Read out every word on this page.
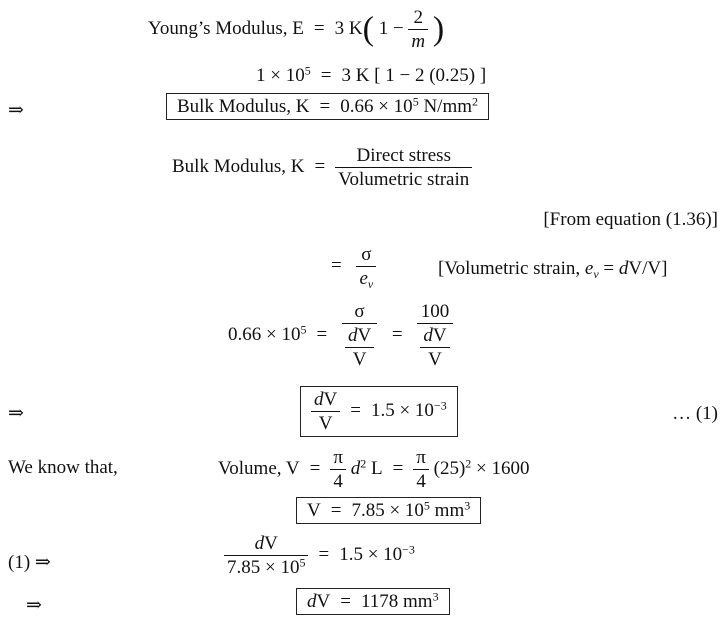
Young’s Modulus, E = 3 K( $1 - \frac{2}{m}$ )
$1 \times 10^5 = 3$ K [ 1 − 2 (0.25) ]
⇒	Bulk Modulus, $K = 0.66 \times 10^5$ $N/mm^2$
Bulk Modulus, $K = \frac{\text{Direct stress}}{\text{Volumetric strain}}$
[From equation (1.36)]
= $\frac{\sigma}{e_v}$	[Volumetric strain, $e_v = dV/V$]
$0.66 \times 10^5 = \frac{\sigma}{\frac{dV}{V}} = \frac{100}{\frac{dV}{V}}$
⇒	$\frac{dV}{V} = 1.5 \times 10^{-3}$	… (1)
We know that,	Volume, $V = \frac{\pi}{4} d^2$ $L = \frac{\pi}{4} (25)^2 \times 1600$
$V = 7.85 \times 10^5$ $mm^3$
(1) ⇒	$\frac{dV}{7.85 \times 10^5} = 1.5 \times 10^{-3}$
⇒	dV = 1178 $mm^3$
